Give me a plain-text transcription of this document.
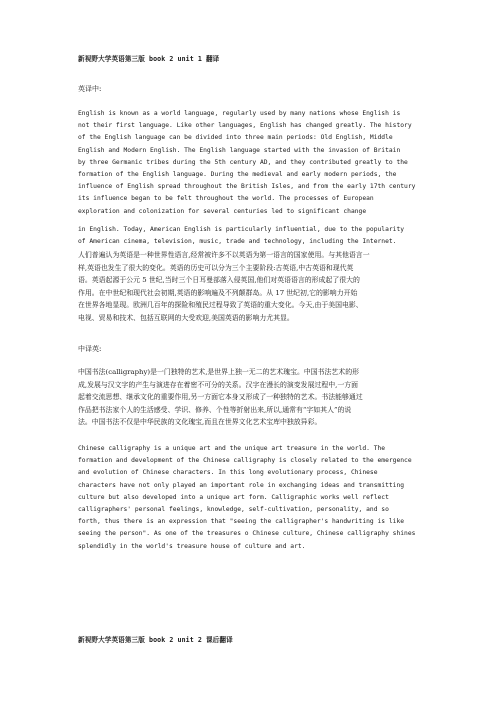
新视野大学英语第三版 book 2 unit 1 翻译
英译中:
English is known as a world language, regularly used by many nations whose English is
not their first language. Like other languages, English has changed greatly. The history
of the English language can be divided into three main periods: Old English, Middle
English and Modern English. The English language started with the invasion of Britain
by three Germanic tribes during the 5th century AD, and they contributed greatly to the
formation of the English language. During the medieval and early modern periods, the
influence of English spread throughout the British Isles, and from the early 17th century
its influence began to be felt throughout the world. The processes of European
exploration and colonization for several centuries led to significant change
in English. Today, American English is particularly influential, due to the popularity
of American cinema, television, music, trade and technology, including the Internet.
人们普遍认为英语是一种世界性语言,经常被许多不以英语为第一语言的国家使用。与其他语言一
样,英语也发生了很大的变化。英语的历史可以分为三个主要阶段:古英语,中古英语和现代英
语。英语起源于公元 5 世纪,当时三个日耳曼部落入侵英国,他们对英语语言的形成起了很大的
作用。在中世纪和现代社会初期,英语的影响遍及不列颠群岛。从 17 世纪初,它的影响力开始
在世界各地显现。欧洲几百年的探险和殖民过程导致了英语的重大变化。今天,由于美国电影、
电视、贸易和技术、包括互联网的大受欢迎,美国英语的影响力尤其显。
中译英:
中国书法(calligraphy)是一门独特的艺术,是世界上独一无二的艺术瑰宝。中国书法艺术的形
成,发展与汉文字的产生与演进存在着密不可分的关系。汉字在漫长的演变发展过程中,一方面
起着交流思想、继承文化的重要作用,另一方面它本身又形成了一种独特的艺术。书法能够通过
作品把书法家个人的生活感受、学识、修养、个性等折射出来,所以,通常有“字如其人”的说
法。中国书法不仅是中华民族的文化瑰宝,而且在世界文化艺术宝库中独放异彩。
Chinese calligraphy is a unique art and the unique art treasure in the world. The
formation and development of the Chinese calligraphy is closely related to the emergence
and evolution of Chinese characters. In this long evolutionary process, Chinese
characters have not only played an important role in exchanging ideas and transmitting
culture but also developed into a unique art form. Calligraphic works well reflect
calligraphers' personal feelings, knowledge, self-cultivation, personality, and so
forth, thus there is an expression that "seeing the calligrapher's handwriting is like
seeing the person". As one of the treasures o Chinese culture, Chinese calligraphy shines
splendidly in the world's treasure house of culture and art.
新视野大学英语第三版 book 2 unit 2 课后翻译
